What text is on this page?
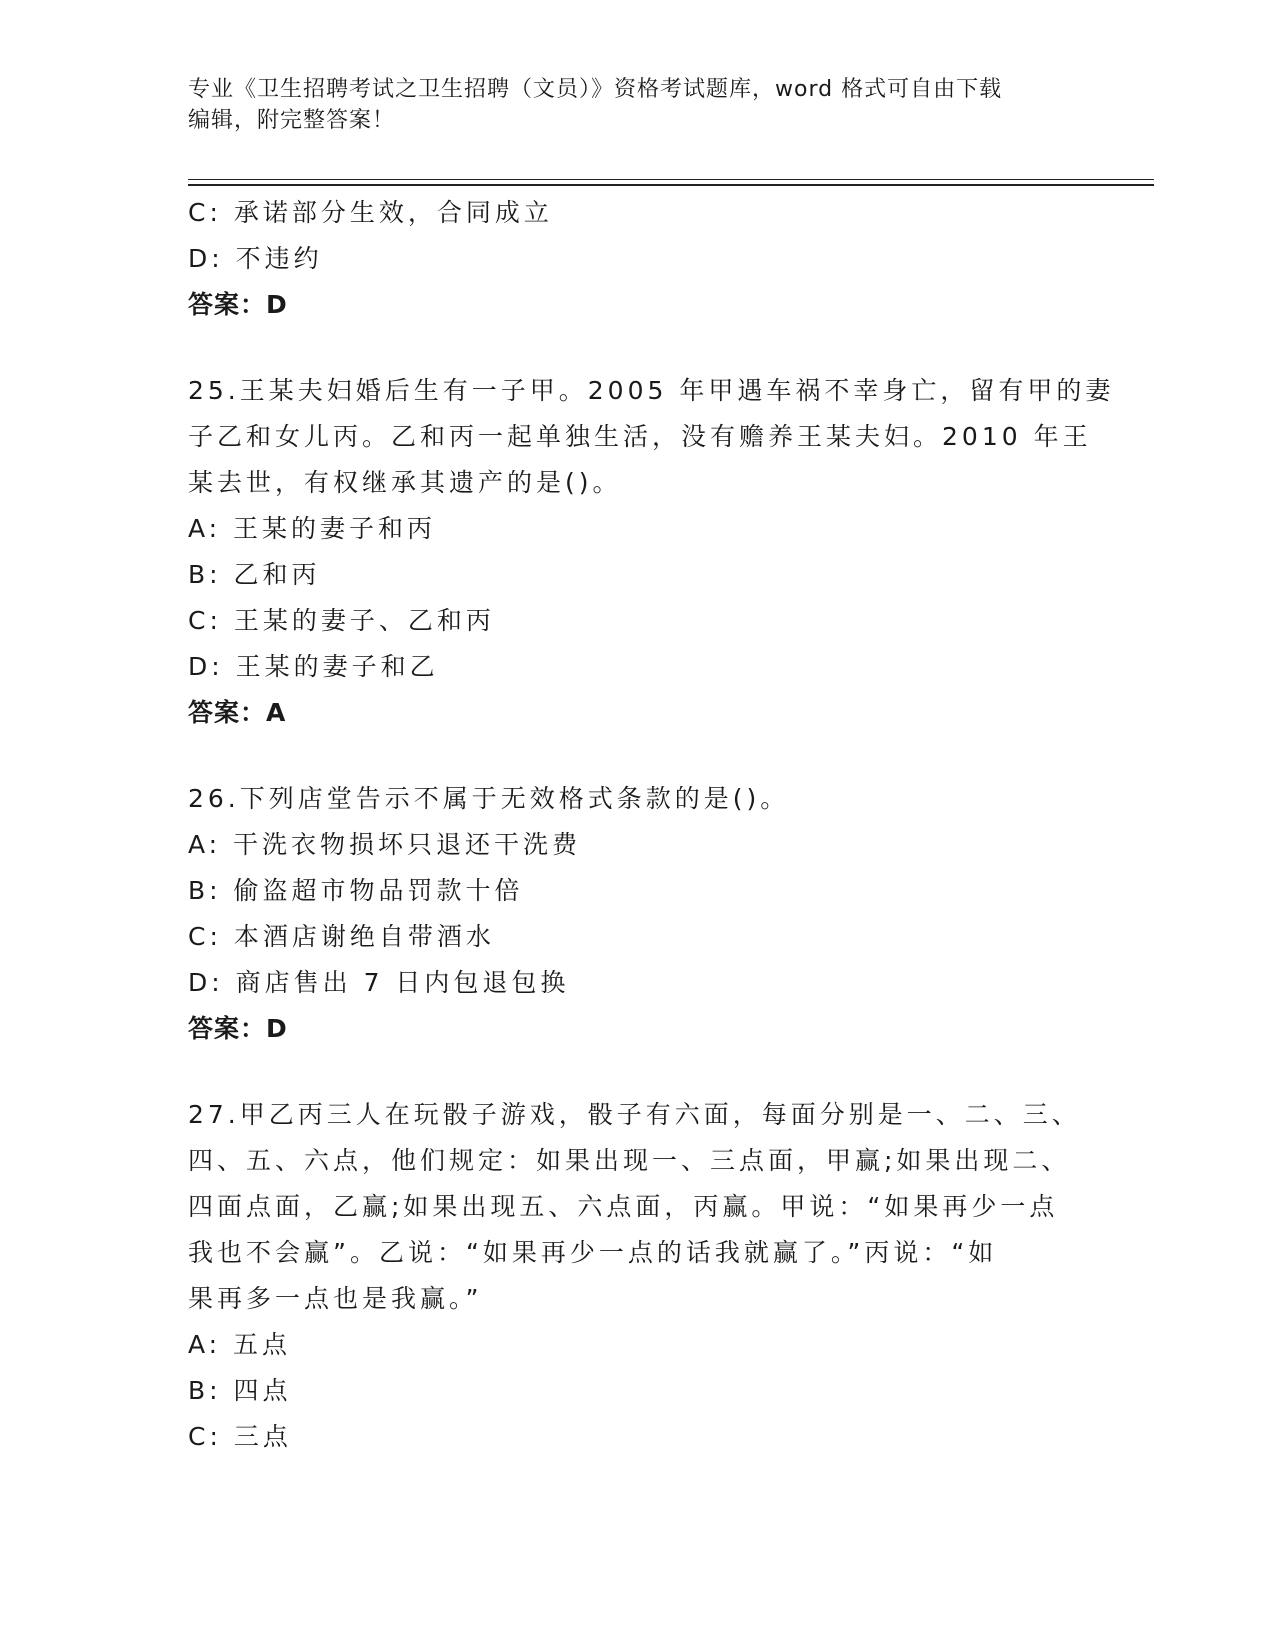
专业《卫生招聘考试之卫生招聘（文员）》资格考试题库，word 格式可自由下载
编辑，附完整答案！
C: 承诺部分生效，合同成立
D: 不违约
答案：D
25.王某夫妇婚后生有一子甲。2005 年甲遇车祸不幸身亡，留有甲的妻
子乙和女儿丙。乙和丙一起单独生活，没有赡养王某夫妇。2010 年王
某去世，有权继承其遗产的是()。
A: 王某的妻子和丙
B: 乙和丙
C: 王某的妻子、乙和丙
D: 王某的妻子和乙
答案：A
26.下列店堂告示不属于无效格式条款的是()。
A: 干洗衣物损坏只退还干洗费
B: 偷盗超市物品罚款十倍
C: 本酒店谢绝自带酒水
D: 商店售出 7 日内包退包换
答案：D
27.甲乙丙三人在玩骰子游戏，骰子有六面，每面分别是一、二、三、
四、五、六点，他们规定：如果出现一、三点面，甲赢;如果出现二、
四面点面，乙赢;如果出现五、六点面，丙赢。甲说：“如果再少一点
我也不会赢”。乙说：“如果再少一点的话我就赢了。”丙说：“如
果再多一点也是我赢。”
A: 五点
B: 四点
C: 三点
